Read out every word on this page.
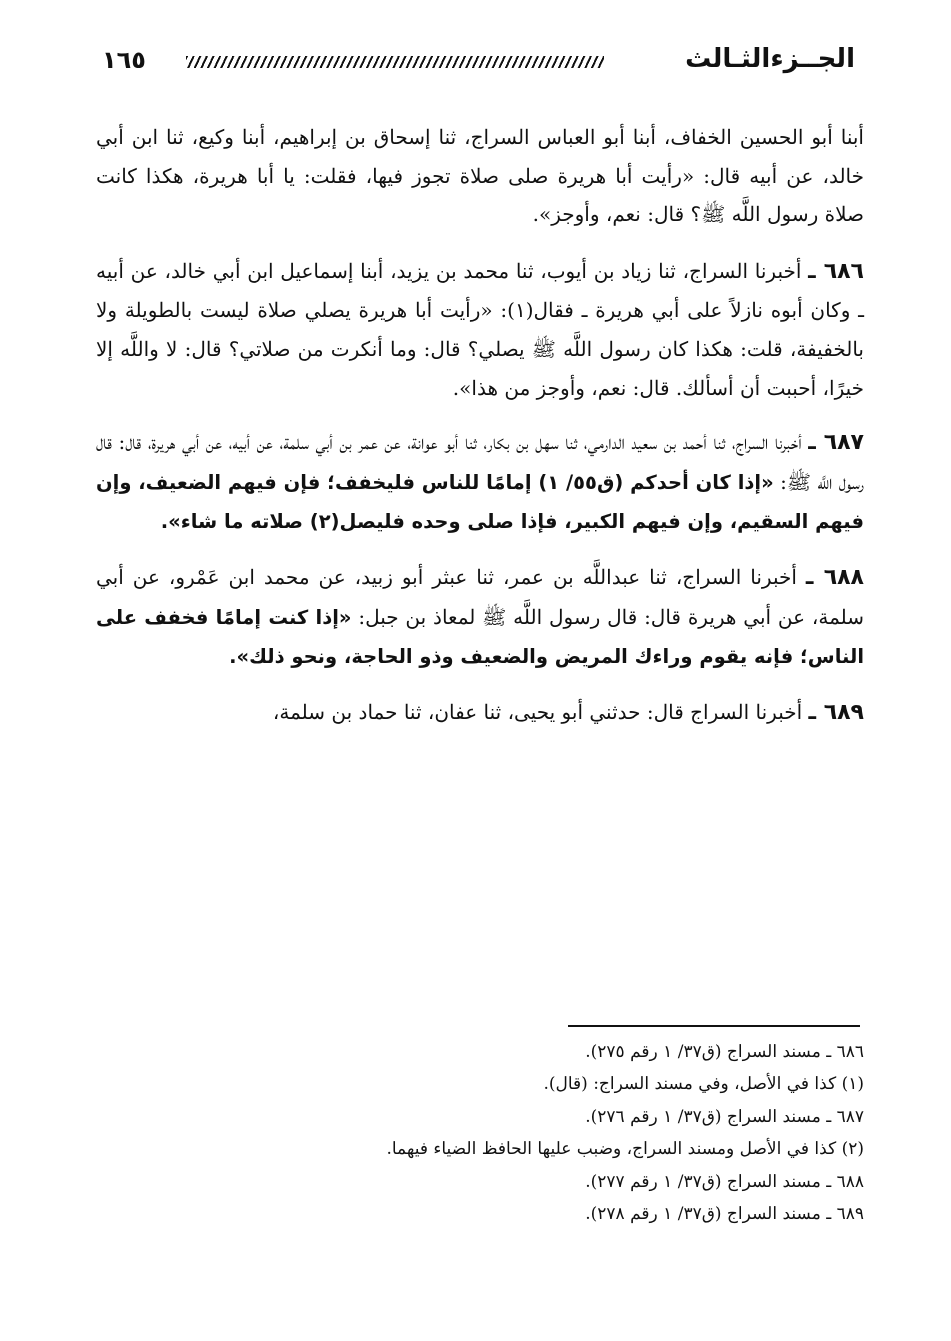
الجــزءالثـالث
١٦٥

أبنا أبو الحسين الخفاف، أبنا أبو العباس السراج، ثنا إسحاق بن إبراهيم، أبنا وكيع، ثنا ابن أبي خالد، عن أبيه قال: «رأيت أبا هريرة صلى صلاة تجوز فيها، فقلت: يا أبا هريرة، هكذا كانت صلاة رسول اللَّه ﷺ؟ قال: نعم، وأوجز».

٦٨٦ ـ أخبرنا السراج، ثنا زياد بن أيوب، ثنا محمد بن يزيد، أبنا إسماعيل ابن أبي خالد، عن أبيه ـ وكان أبوه نازلاً على أبي هريرة ـ فقال(١): «رأيت أبا هريرة يصلي صلاة ليست بالطويلة ولا بالخفيفة، قلت: هكذا كان رسول اللَّه ﷺ يصلي؟ قال: وما أنكرت من صلاتي؟ قال: لا واللَّه إلا خيرًا، أحببت أن أسألك. قال: نعم، وأوجز من هذا».

٦٨٧ ـ أخبرنا السراج، ثنا أحمد بن سعيد الدارمي، ثنا سهل بن بكار، ثنا أبو عوانة، عن عمر بن أبي سلمة، عن أبيه، عن أبي هريرة، قال: قال رسول اللَّه ﷺ: «إذا كان أحدكم (ق٥٥/ ١) إمامًا للناس فليخفف؛ فإن فيهم الضعيف، وإن فيهم السقيم، وإن فيهم الكبير، فإذا صلى وحده فليصل(٢) صلاته ما شاء».

٦٨٨ ـ أخبرنا السراج، ثنا عبداللَّه بن عمر، ثنا عبثر أبو زبيد، عن محمد ابن عَمْرو، عن أبي سلمة، عن أبي هريرة قال: قال رسول اللَّه ﷺ لمعاذ بن جبل: «إذا كنت إمامًا فخفف على الناس؛ فإنه يقوم وراءك المريض والضعيف وذو الحاجة، ونحو ذلك».

٦٨٩ ـ أخبرنا السراج قال: حدثني أبو يحيى، ثنا عفان، ثنا حماد بن سلمة،

٦٨٦ ـ مسند السراج (ق٣٧/ ١ رقم ٢٧٥).

(١) كذا في الأصل، وفي مسند السراج: (قال).

٦٨٧ ـ مسند السراج (ق٣٧/ ١ رقم ٢٧٦).

(٢) كذا في الأصل ومسند السراج، وضبب عليها الحافظ الضياء فيهما.

٦٨٨ ـ مسند السراج (ق٣٧/ ١ رقم ٢٧٧).

٦٨٩ ـ مسند السراج (ق٣٧/ ١ رقم ٢٧٨).
